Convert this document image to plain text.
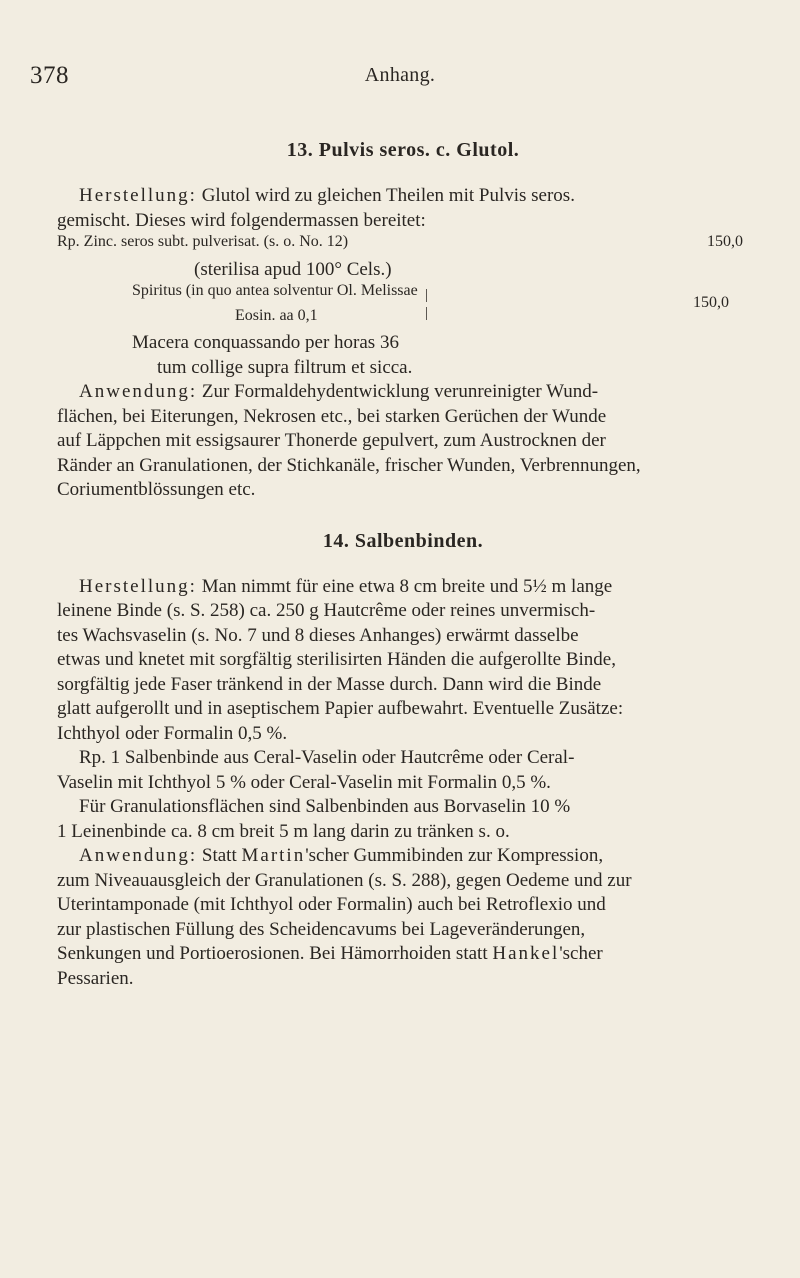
378	Anhang.

13. Pulvis seros. c. Glutol.

Herstellung: Glutol wird zu gleichen Theilen mit Pulvis seros.

gemischt. Dieses wird folgendermassen bereitet:

Rp. Zinc. seros subt. pulverisat. (s. o. No. 12)	150,0

(sterilisa apud 100° Cels.)

Spiritus (in quo antea solventur Ol. Melissae
Eosin. aa 0,1
|
|
150,0

Macera conquassando per horas 36

tum collige supra filtrum et sicca.

Anwendung: Zur Formaldehydentwicklung verunreinigter Wund-

flächen, bei Eiterungen, Nekrosen etc., bei starken Gerüchen der Wunde

auf Läppchen mit essigsaurer Thonerde gepulvert, zum Austrocknen der

Ränder an Granulationen, der Stichkanäle, frischer Wunden, Verbrennungen,

Coriumentblössungen etc.

14. Salbenbinden.

Herstellung: Man nimmt für eine etwa 8 cm breite und 5½ m lange

leinene Binde (s. S. 258) ca. 250 g Hautcrême oder reines unvermisch-

tes Wachsvaselin (s. No. 7 und 8 dieses Anhanges) erwärmt dasselbe

etwas und knetet mit sorgfältig sterilisirten Händen die aufgerollte Binde,

sorgfältig jede Faser tränkend in der Masse durch. Dann wird die Binde

glatt aufgerollt und in aseptischem Papier aufbewahrt. Eventuelle Zusätze:

Ichthyol oder Formalin 0,5 %.

Rp. 1 Salbenbinde aus Ceral-Vaselin oder Hautcrême oder Ceral-

Vaselin mit Ichthyol 5 % oder Ceral-Vaselin mit Formalin 0,5 %.

Für Granulationsflächen sind Salbenbinden aus Borvaselin 10 %

1 Leinenbinde ca. 8 cm breit 5 m lang darin zu tränken s. o.

Anwendung: Statt Martin'scher Gummibinden zur Kompression,

zum Niveauausgleich der Granulationen (s. S. 288), gegen Oedeme und zur

Uterintamponade (mit Ichthyol oder Formalin) auch bei Retroflexio und

zur plastischen Füllung des Scheidencavums bei Lageveränderungen,

Senkungen und Portioerosionen. Bei Hämorrhoiden statt Hankel'scher

Pessarien.
